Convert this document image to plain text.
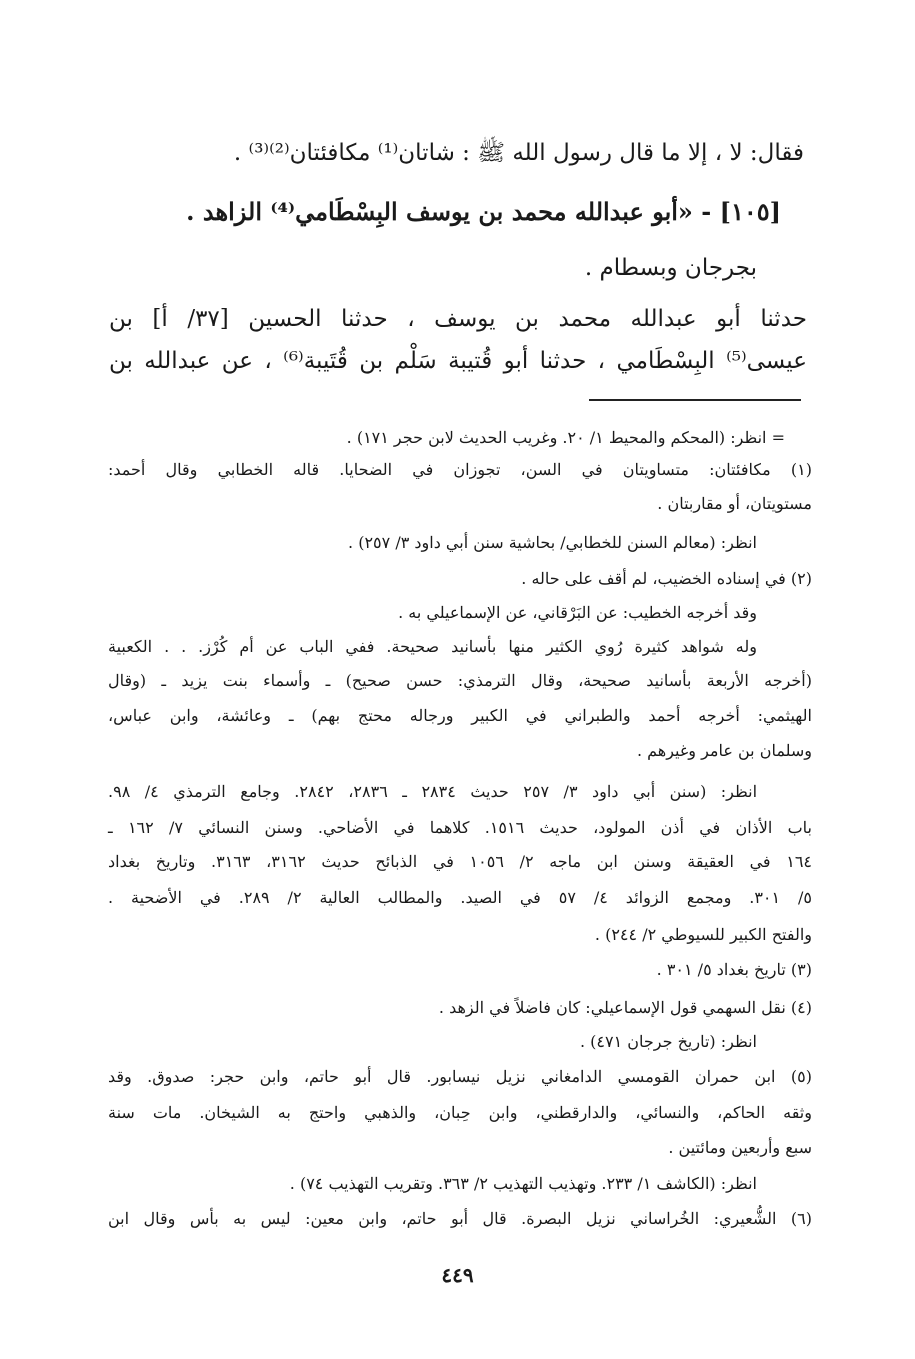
فقال: لا ، إلا ما قال رسول الله ﷺ : شاتان⁽¹⁾ مكافئتان⁽²⁾⁽³⁾ .
[١٠٥] - «أبو عبدالله محمد بن يوسف البِسْطَامي⁽⁴⁾ الزاهد .
بجرجان وبسطام .
حدثنا أبو عبدالله محمد بن يوسف ، حدثنا الحسين [٣٧/ أ] بن
عيسى⁽⁵⁾ البِسْطَامي ، حدثنا أبو قُتيبة سَلْم بن قُتَيبة⁽⁶⁾ ، عن عبدالله بن
= انظر: (المحكم والمحيط ١/ ٢٠. وغريب الحديث لابن حجر ١٧١) .
(١) مكافئتان: متساويتان في السن، تجوزان في الضحايا. قاله الخطابي وقال أحمد:
مستويتان، أو مقاربتان .
انظر: (معالم السنن للخطابي/ بحاشية سنن أبي داود ٣/ ٢٥٧) .
(٢) في إسناده الخضيب، لم أقف على حاله .
وقد أخرجه الخطيب: عن البَرْقاني، عن الإسماعيلي به .
وله شواهد كثيرة رُوي الكثير منها بأسانيد صحيحة. ففي الباب عن أم كُرْز. . . الكعبية
(أخرجه الأربعة بأسانيد صحيحة، وقال الترمذي: حسن صحيح) ـ وأسماء بنت يزيد ـ (وقال
الهيثمي: أخرجه أحمد والطبراني في الكبير ورجاله محتج بهم) ـ وعائشة، وابن عباس،
وسلمان بن عامر وغيرهم .
انظر: (سنن أبي داود ٣/ ٢٥٧ حديث ٢٨٣٤ ـ ٢٨٣٦، ٢٨٤٢. وجامع الترمذي ٤/ ٩٨.
باب الأذان في أذن المولود، حديث ١٥١٦. كلاهما في الأضاحي. وسنن النسائي ٧/ ١٦٢ ـ
١٦٤ في العقيقة وسنن ابن ماجه ٢/ ١٠٥٦ في الذبائح حديث ٣١٦٢، ٣١٦٣. وتاريخ بغداد
٥/ ٣٠١. ومجمع الزوائد ٤/ ٥٧ في الصيد. والمطالب العالية ٢/ ٢٨٩. في الأضحية .
والفتح الكبير للسيوطي ٢/ ٢٤٤) .
(٣) تاريخ بغداد ٥/ ٣٠١ .
(٤) نقل السهمي قول الإسماعيلي: كان فاضلاً في الزهد .
انظر: (تاريخ جرجان ٤٧١) .
(٥) ابن حمران القومسي الدامغاني نزيل نيسابور. قال أبو حاتم، وابن حجر: صدوق. وقد
وثقه الحاكم، والنسائي، والدارقطني، وابن حِبان، والذهبي واحتج به الشيخان. مات سنة
سبع وأربعين ومائتين .
انظر: (الكاشف ١/ ٢٣٣. وتهذيب التهذيب ٢/ ٣٦٣. وتقريب التهذيب ٧٤) .
(٦) الشُّعيري: الخُراساني نزيل البصرة. قال أبو حاتم، وابن معين: ليس به بأس وقال ابن
٤٤٩
